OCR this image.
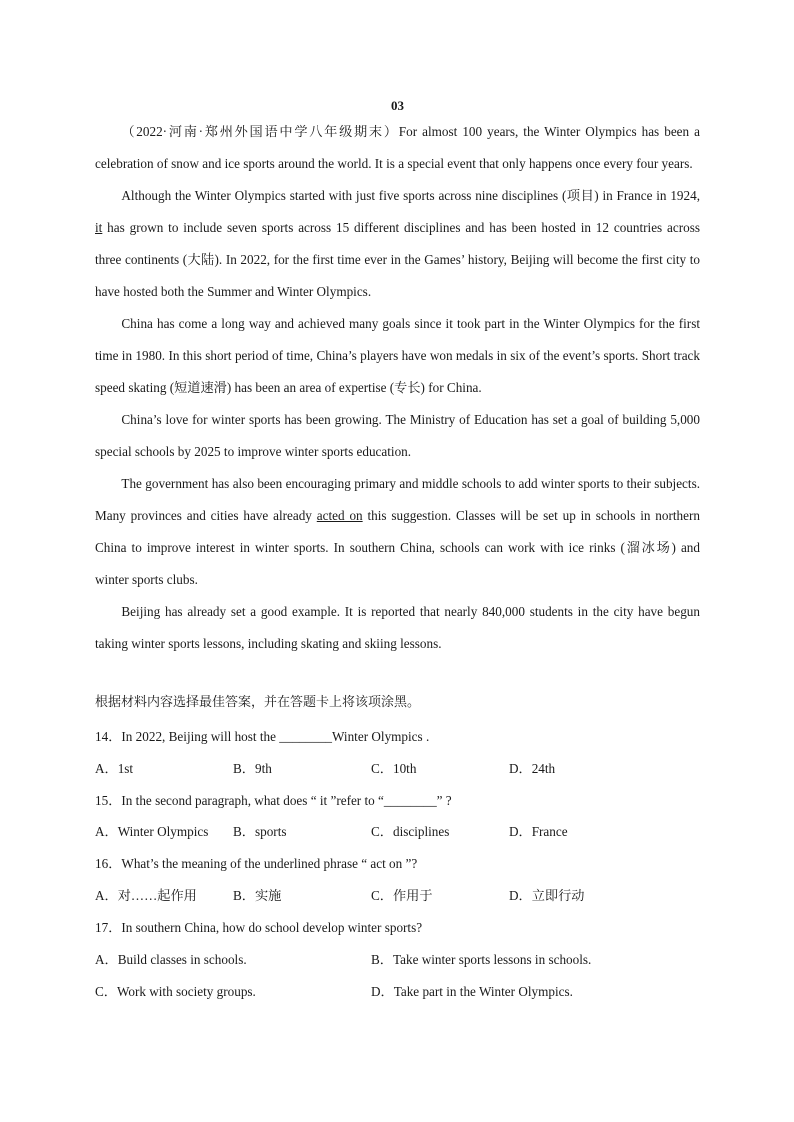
03

（2022·河南·郑州外国语中学八年级期末）For almost 100 years, the Winter Olympics has been a celebration of snow and ice sports around the world. It is a special event that only happens once every four years.

Although the Winter Olympics started with just five sports across nine disciplines (项目) in France in 1924, it has grown to include seven sports across 15 different disciplines and has been hosted in 12 countries across three continents (大陆). In 2022, for the first time ever in the Games’ history, Beijing will become the first city to have hosted both the Summer and Winter Olympics.

China has come a long way and achieved many goals since it took part in the Winter Olympics for the first time in 1980. In this short period of time, China’s players have won medals in six of the event’s sports. Short track speed skating (短道速滑) has been an area of expertise (专长) for China.

China’s love for winter sports has been growing. The Ministry of Education has set a goal of building 5,000 special schools by 2025 to improve winter sports education.

The government has also been encouraging primary and middle schools to add winter sports to their subjects. Many provinces and cities have already acted on this suggestion. Classes will be set up in schools in northern China to improve interest in winter sports. In southern China, schools can work with ice rinks (溜冰场) and winter sports clubs.

Beijing has already set a good example. It is reported that nearly 840,000 students in the city have begun taking winter sports lessons, including skating and skiing lessons.

根据材料内容选择最佳答案，并在答题卡上将该项涂黑。
14．In 2022, Beijing will host the ________Winter Olympics .
A．1st	B．9th	C．10th	D．24th
15．In the second paragraph, what does “ it ”refer to “________” ?
A．Winter Olympics B．sports	C．disciplines	D．France
16．What’s the meaning of the underlined phrase “ act on ”?
A．对……起作用	B．实施	C．作用于	D．立即行动
17．In southern China, how do school develop winter sports?
A．Build classes in schools.	B．Take winter sports lessons in schools.
C．Work with society groups.	D．Take part in the Winter Olympics.
